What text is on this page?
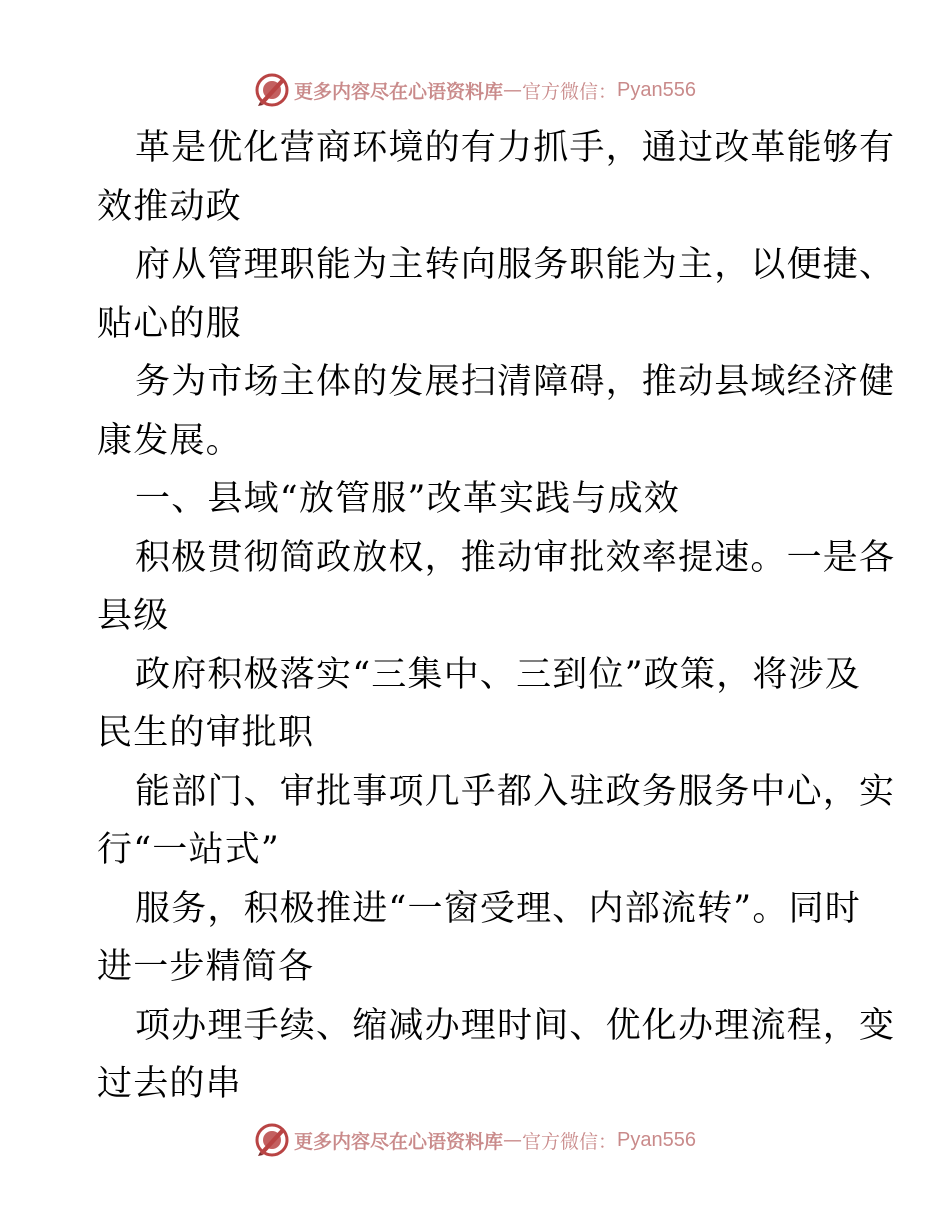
更多内容尽在心语资料库 — 官方微信： Pyan556
革是优化营商环境的有力抓手，通过改革能够有
效推动政
府从管理职能为主转向服务职能为主，以便捷、
贴心的服
务为市场主体的发展扫清障碍，推动县域经济健
康发展。
一、县域“放管服”改革实践与成效
积极贯彻简政放权，推动审批效率提速。一是各
县级
政府积极落实“三集中、三到位”政策，将涉及
民生的审批职
能部门、审批事项几乎都入驻政务服务中心，实
行“一站式”
服务，积极推进“一窗受理、内部流转”。同时
进一步精简各
项办理手续、缩减办理时间、优化办理流程，变
过去的串
更多内容尽在心语资料库 — 官方微信： Pyan556
